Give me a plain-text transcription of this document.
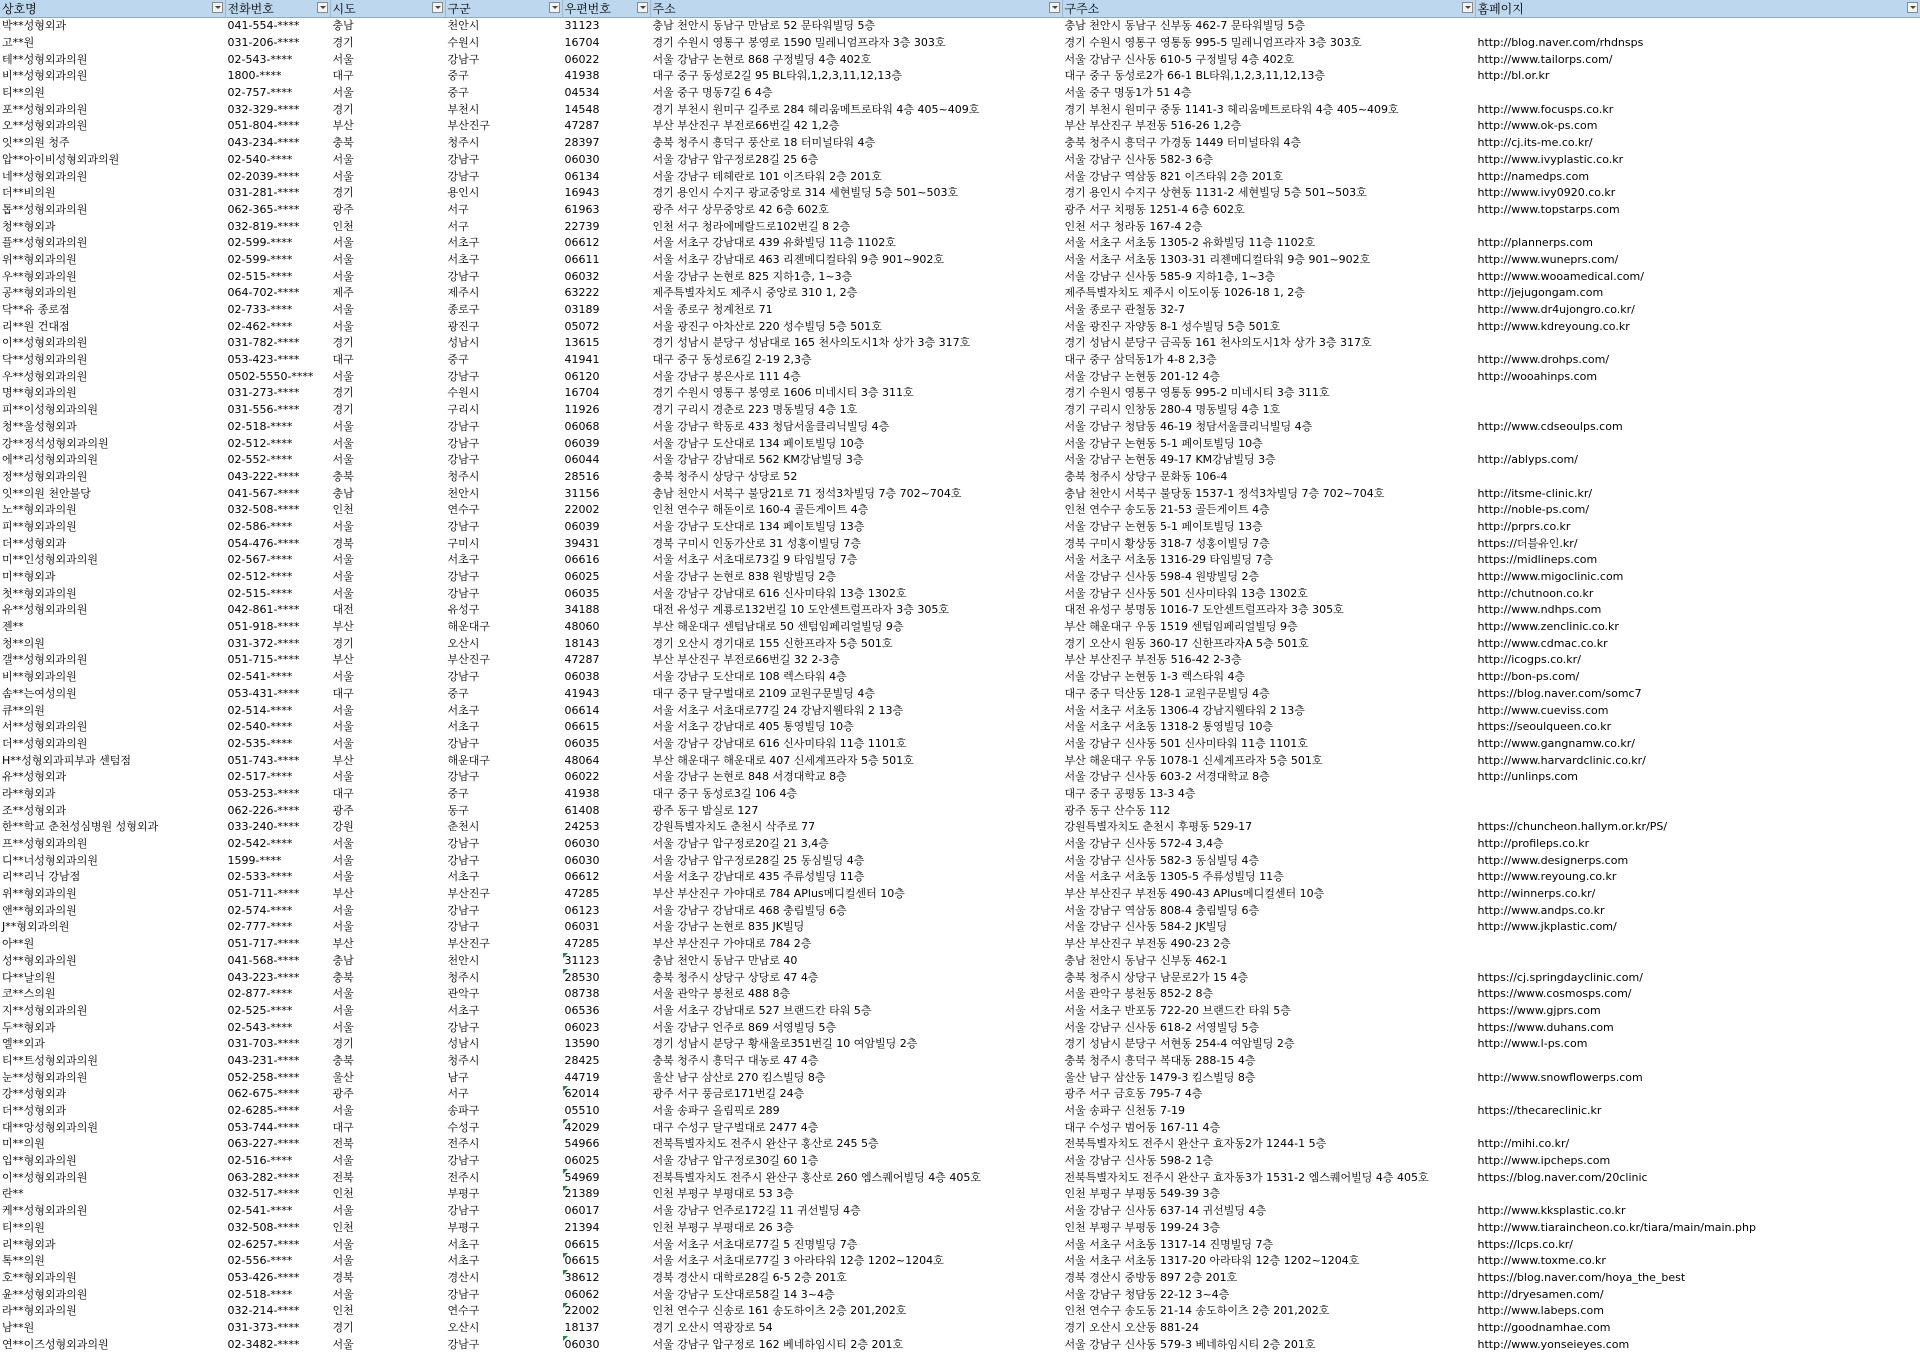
상호명	전화번호	시도	구군	우편번호	주소	구주소	홈페이지

박**성형외과	041-554-****	충남	천안시	31123	충남 천안시 동남구 만남로 52 문타워빌딩 5층	충남 천안시 동남구 신부동 462-7 문타워빌딩 5층	
고**원	031-206-****	경기	수원시	16704	경기 수원시 영통구 봉영로 1590 밀레니엄프라자 3층 303호	경기 수원시 영통구 영통동 995-5 밀레니엄프라자 3층 303호	http://blog.naver.com/rhdnsps
테**성형외과의원	02-543-****	서울	강남구	06022	서울 강남구 논현로 868 구정빌딩 4층 402호	서울 강남구 신사동 610-5 구정빌딩 4층 402호	http://www.tailorps.com/
비**성형외과의원	1800-****	대구	중구	41938	대구 중구 동성로2길 95 BL타워,1,2,3,11,12,13층	대구 중구 동성로2가 66-1 BL타워,1,2,3,11,12,13층	http://bl.or.kr
티**의원	02-757-****	서울	중구	04534	서울 중구 명동7길 6 4층	서울 중구 명동1가 51 4층	
포**성형외과의원	032-329-****	경기	부천시	14548	경기 부천시 원미구 길주로 284 헤리움메트로타워 4층 405~409호	경기 부천시 원미구 중동 1141-3 헤리움메트로타워 4층 405~409호	http://www.focusps.co.kr
오**성형외과의원	051-804-****	부산	부산진구	47287	부산 부산진구 부전로66번길 42 1,2층	부산 부산진구 부전동 516-26 1,2층	http://www.ok-ps.com
잇**의원 청주	043-234-****	충북	청주시	28397	충북 청주시 흥덕구 풍산로 18 터미널타워 4층	충북 청주시 흥덕구 가경동 1449 터미널타워 4층	http://cj.its-me.co.kr/
압**아이비성형외과의원	02-540-****	서울	강남구	06030	서울 강남구 압구정로28길 25 6층	서울 강남구 신사동 582-3 6층	http://www.ivyplastic.co.kr
네**성형외과의원	02-2039-****	서울	강남구	06134	서울 강남구 테헤란로 101 이즈타워 2층 201호	서울 강남구 역삼동 821 이즈타워 2층 201호	http://namedps.com
더**비의원	031-281-****	경기	용인시	16943	경기 용인시 수지구 광교중앙로 314 세현빌딩 5층 501~503호	경기 용인시 수지구 상현동 1131-2 세현빌딩 5층 501~503호	http://www.ivy0920.co.kr
톱**성형외과의원	062-365-****	광주	서구	61963	광주 서구 상무중앙로 42 6층 602호	광주 서구 치평동 1251-4 6층 602호	http://www.topstarps.com
청**형외과	032-819-****	인천	서구	22739	인천 서구 청라에메랄드로102번길 8 2층	인천 서구 청라동 167-4 2층	
플**성형외과의원	02-599-****	서울	서초구	06612	서울 서초구 강남대로 439 유화빌딩 11층 1102호	서울 서초구 서초동 1305-2 유화빌딩 11층 1102호	http://plannerps.com
위**형외과의원	02-599-****	서울	서초구	06611	서울 서초구 강남대로 463 리젠메디컬타워 9층 901~902호	서울 서초구 서초동 1303-31 리젠메디컬타워 9층 901~902호	http://www.wuneprs.com/
우**형외과의원	02-515-****	서울	강남구	06032	서울 강남구 논현로 825 지하1층, 1~3층	서울 강남구 신사동 585-9 지하1층, 1~3층	http://www.wooamedical.com/
공**형외과의원	064-702-****	제주	제주시	63222	제주특별자치도 제주시 중앙로 310 1, 2층	제주특별자치도 제주시 이도이동 1026-18 1, 2층	http://jejugongam.com
닥**유 종로점	02-733-****	서울	종로구	03189	서울 종로구 청계천로 71	서울 종로구 관철동 32-7	http://www.dr4ujongro.co.kr/
리**원 건대점	02-462-****	서울	광진구	05072	서울 광진구 아차산로 220 성수빌딩 5층 501호	서울 광진구 자양동 8-1 성수빌딩 5층 501호	http://www.kdreyoung.co.kr
이**성형외과의원	031-782-****	경기	성남시	13615	경기 성남시 분당구 성남대로 165 천사의도시1차 상가 3층 317호	경기 성남시 분당구 금곡동 161 천사의도시1차 상가 3층 317호	
닥**성형외과의원	053-423-****	대구	중구	41941	대구 중구 동성로6길 2-19 2,3층	대구 중구 삼덕동1가 4-8 2,3층	http://www.drohps.com/
우**성형외과의원	0502-5550-****	서울	강남구	06120	서울 강남구 봉은사로 111 4층	서울 강남구 논현동 201-12 4층	http://wooahinps.com
명**형외과의원	031-273-****	경기	수원시	16704	경기 수원시 영통구 봉영로 1606 미네시티 3층 311호	경기 수원시 영통구 영통동 995-2 미네시티 3층 311호	
피**이성형외과의원	031-556-****	경기	구리시	11926	경기 구리시 경춘로 223 명동빌딩 4층 1호	경기 구리시 인창동 280-4 명동빌딩 4층 1호	
청**울성형외과	02-518-****	서울	강남구	06068	서울 강남구 학동로 433 청담서울클리닉빌딩 4층	서울 강남구 청담동 46-19 청담서울클리닉빌딩 4층	http://www.cdseoulps.com
강**정석성형외과의원	02-512-****	서울	강남구	06039	서울 강남구 도산대로 134 페이토빌딩 10층	서울 강남구 논현동 5-1 페이토빌딩 10층	
에**리성형외과의원	02-552-****	서울	강남구	06044	서울 강남구 강남대로 562 KM강남빌딩 3층	서울 강남구 논현동 49-17 KM강남빌딩 3층	http://ablyps.com/
정**성형외과의원	043-222-****	충북	청주시	28516	충북 청주시 상당구 상당로 52	충북 청주시 상당구 문화동 106-4	
잇**의원 천안불당	041-567-****	충남	천안시	31156	충남 천안시 서북구 불당21로 71 정석3차빌딩 7층 702~704호	충남 천안시 서북구 불당동 1537-1 정석3차빌딩 7층 702~704호	http://itsme-clinic.kr/
노**형외과의원	032-508-****	인천	연수구	22002	인천 연수구 해돋이로 160-4 골든게이트 4층	인천 연수구 송도동 21-53 골든게이트 4층	http://noble-ps.com/
피**형외과의원	02-586-****	서울	강남구	06039	서울 강남구 도산대로 134 페이토빌딩 13층	서울 강남구 논현동 5-1 페이토빌딩 13층	http://prprs.co.kr
더**성형외과	054-476-****	경북	구미시	39431	경북 구미시 인동가산로 31 성홍이빌딩 7층	경북 구미시 황상동 318-7 성홍이빌딩 7층	https://더블유인.kr/
미**인성형외과의원	02-567-****	서울	서초구	06616	서울 서초구 서초대로73길 9 타임빌딩 7층	서울 서초구 서초동 1316-29 타임빌딩 7층	https://midlineps.com
미**형외과	02-512-****	서울	강남구	06025	서울 강남구 논현로 838 원방빌딩 2층	서울 강남구 신사동 598-4 원방빌딩 2층	http://www.migoclinic.com
첫**형외과의원	02-515-****	서울	강남구	06035	서울 강남구 강남대로 616 신사미타워 13층 1302호	서울 강남구 신사동 501 신사미타워 13층 1302호	http://chutnoon.co.kr
유**성형외과의원	042-861-****	대전	유성구	34188	대전 유성구 계룡로132번길 10 도안센트럴프라자 3층 305호	대전 유성구 봉명동 1016-7 도안센트럴프라자 3층 305호	http://www.ndhps.com
젠**	051-918-****	부산	해운대구	48060	부산 해운대구 센텀남대로 50 센텀임페리얼빌딩 9층	부산 해운대구 우동 1519 센텀임페리얼빌딩 9층	http://www.zenclinic.co.kr
청**의원	031-372-****	경기	오산시	18143	경기 오산시 경기대로 155 신한프라자 5층 501호	경기 오산시 원동 360-17 신한프라자A 5층 501호	http://www.cdmac.co.kr
갤**성형외과의원	051-715-****	부산	부산진구	47287	부산 부산진구 부전로66번길 32 2-3층	부산 부산진구 부전동 516-42 2-3층	http://icogps.co.kr/
비**형외과의원	02-541-****	서울	강남구	06038	서울 강남구 도산대로 108 렉스타워 4층	서울 강남구 논현동 1-3 렉스타워 4층	http://bon-ps.com/
솜**는여성의원	053-431-****	대구	중구	41943	대구 중구 달구벌대로 2109 교원구문빌딩 4층	대구 중구 덕산동 128-1 교원구문빌딩 4층	https://blog.naver.com/somc7
큐**의원	02-514-****	서울	서초구	06614	서울 서초구 서초대로77길 24 강남지웰타워 2 13층	서울 서초구 서초동 1306-4 강남지웰타워 2 13층	http://www.cueviss.com
서**성형외과의원	02-540-****	서울	서초구	06615	서울 서초구 강남대로 405 통영빌딩 10층	서울 서초구 서초동 1318-2 통영빌딩 10층	https://seoulqueen.co.kr
더**성형외과의원	02-535-****	서울	강남구	06035	서울 강남구 강남대로 616 신사미타워 11층 1101호	서울 강남구 신사동 501 신사미타워 11층 1101호	http://www.gangnamw.co.kr/
H**성형외과피부과 센텀점	051-743-****	부산	해운대구	48064	부산 해운대구 해운대로 407 신세계프라자 5층 501호	부산 해운대구 우동 1078-1 신세계프라자 5층 501호	http://www.harvardclinic.co.kr/
유**성형외과	02-517-****	서울	강남구	06022	서울 강남구 논현로 848 서경대학교 8층	서울 강남구 신사동 603-2 서경대학교 8층	http://unlinps.com
라**형외과	053-253-****	대구	중구	41938	대구 중구 동성로3길 106 4층	대구 중구 공평동 13-3 4층	
조**성형외과	062-226-****	광주	동구	61408	광주 동구 밤실로 127	광주 동구 산수동 112	
한**학교 춘천성심병원 성형외과	033-240-****	강원	춘천시	24253	강원특별자치도 춘천시 삭주로 77	강원특별자치도 춘천시 후평동 529-17	https://chuncheon.hallym.or.kr/PS/
프**성형외과의원	02-542-****	서울	강남구	06030	서울 강남구 압구정로20길 21 3,4층	서울 강남구 신사동 572-4 3,4층	http://profileps.co.kr
디**너성형외과의원	1599-****	서울	강남구	06030	서울 강남구 압구정로28길 25 동심빌딩 4층	서울 강남구 신사동 582-3 동심빌딩 4층	http://www.designerps.com
리**리닉 강남점	02-533-****	서울	서초구	06612	서울 서초구 강남대로 435 주류성빌딩 11층	서울 서초구 서초동 1305-5 주류성빌딩 11층	http://www.reyoung.co.kr
위**형외과의원	051-711-****	부산	부산진구	47285	부산 부산진구 가야대로 784 APlus메디컬센터 10층	부산 부산진구 부전동 490-43 APlus메디컬센터 10층	http://winnerps.co.kr/
앤**형외과의원	02-574-****	서울	강남구	06123	서울 강남구 강남대로 468 충림빌딩 6층	서울 강남구 역삼동 808-4 충림빌딩 6층	http://www.andps.co.kr
J**형외과의원	02-777-****	서울	강남구	06031	서울 강남구 논현로 835 JK빌딩	서울 강남구 신사동 584-2 JK빌딩	http://www.jkplastic.com/
아**원	051-717-****	부산	부산진구	47285	부산 부산진구 가야대로 784 2층	부산 부산진구 부전동 490-23 2층	
성**형외과의원	041-568-****	충남	천안시	31123	충남 천안시 동남구 만남로 40	충남 천안시 동남구 신부동 462-1	
다**날의원	043-223-****	충북	청주시	28530	충북 청주시 상당구 상당로 47 4층	충북 청주시 상당구 남문로2가 15 4층	https://cj.springdayclinic.com/
코**스의원	02-877-****	서울	관악구	08738	서울 관악구 봉천로 488 8층	서울 관악구 봉천동 852-2 8층	https://www.cosmosps.com/
지**성형외과의원	02-525-****	서울	서초구	06536	서울 서초구 강남대로 527 브랜드칸 타워 5층	서울 서초구 반포동 722-20 브랜드칸 타워 5층	https://www.gjprs.com
두**형외과	02-543-****	서울	강남구	06023	서울 강남구 언주로 869 서영빌딩 5층	서울 강남구 신사동 618-2 서영빌딩 5층	https://www.duhans.com
엘**외과	031-703-****	경기	성남시	13590	경기 성남시 분당구 황새울로351번길 10 여암빌딩 2층	경기 성남시 분당구 서현동 254-4 여암빌딩 2층	http://www.l-ps.com
티**트성형외과의원	043-231-****	충북	청주시	28425	충북 청주시 흥덕구 대농로 47 4층	충북 청주시 흥덕구 복대동 288-15 4층	
눈**성형외과의원	052-258-****	울산	남구	44719	울산 남구 삼산로 270 킴스빌딩 8층	울산 남구 삼산동 1479-3 킴스빌딩 8층	http://www.snowflowerps.com
강**성형외과	062-675-****	광주	서구	62014	광주 서구 풍금로171번길 24층	광주 서구 금호동 795-7 4층	
더**성형외과	02-6285-****	서울	송파구	05510	서울 송파구 올림픽로 289	서울 송파구 신천동 7-19	https://thecareclinic.kr
대**앙성형외과의원	053-744-****	대구	수성구	42029	대구 수성구 달구벌대로 2477 4층	대구 수성구 범어동 167-11 4층	
미**의원	063-227-****	전북	전주시	54966	전북특별자치도 전주시 완산구 홍산로 245 5층	전북특별자치도 전주시 완산구 효자동2가 1244-1 5층	http://mihi.co.kr/
입**형외과의원	02-516-****	서울	강남구	06025	서울 강남구 압구정로30길 60 1층	서울 강남구 신사동 598-2 1층	http://www.ipcheps.com
이**성형외과의원	063-282-****	전북	전주시	54969	전북특별자치도 전주시 완산구 홍산로 260 엠스퀘어빌딩 4층 405호	전북특별자치도 전주시 완산구 효자동3가 1531-2 엠스퀘어빌딩 4층 405호	https://blog.naver.com/20clinic
란**	032-517-****	인천	부평구	21389	인천 부평구 부평대로 53 3층	인천 부평구 부평동 549-39 3층	
케**성형외과의원	02-541-****	서울	강남구	06017	서울 강남구 언주로172길 11 귀선빌딩 4층	서울 강남구 신사동 637-14 귀선빌딩 4층	http://www.kksplastic.co.kr
티**의원	032-508-****	인천	부평구	21394	인천 부평구 부평대로 26 3층	인천 부평구 부평동 199-24 3층	http://www.tiaraincheon.co.kr/tiara/main/main.php
리**형외과	02-6257-****	서울	서초구	06615	서울 서초구 서초대로77길 5 진명빌딩 7층	서울 서초구 서초동 1317-14 진명빌딩 7층	https://lcps.co.kr/
톡**의원	02-556-****	서울	서초구	06615	서울 서초구 서초대로77길 3 아라타워 12층 1202~1204호	서울 서초구 서초동 1317-20 아라타워 12층 1202~1204호	http://www.toxme.co.kr
호**형외과의원	053-426-****	경북	경산시	38612	경북 경산시 대학로28길 6-5 2층 201호	경북 경산시 중방동 897 2층 201호	https://blog.naver.com/hoya_the_best
윤**성형외과의원	02-518-****	서울	강남구	06062	서울 강남구 도산대로58길 14 3~4층	서울 강남구 청담동 22-12 3~4층	http://dryesamen.com/
라**형외과의원	032-214-****	인천	연수구	22002	인천 연수구 신송로 161 송도하이츠 2층 201,202호	인천 연수구 송도동 21-14 송도하이츠 2층 201,202호	http://www.labeps.com
남**원	031-373-****	경기	오산시	18137	경기 오산시 역광장로 54	경기 오산시 오산동 881-24	http://goodnamhae.com
연**이즈성형외과의원	02-3482-****	서울	강남구	06030	서울 강남구 압구정로 162 베네하임시티 2층 201호	서울 강남구 신사동 579-3 베네하임시티 2층 201호	http://www.yonseieyes.com
